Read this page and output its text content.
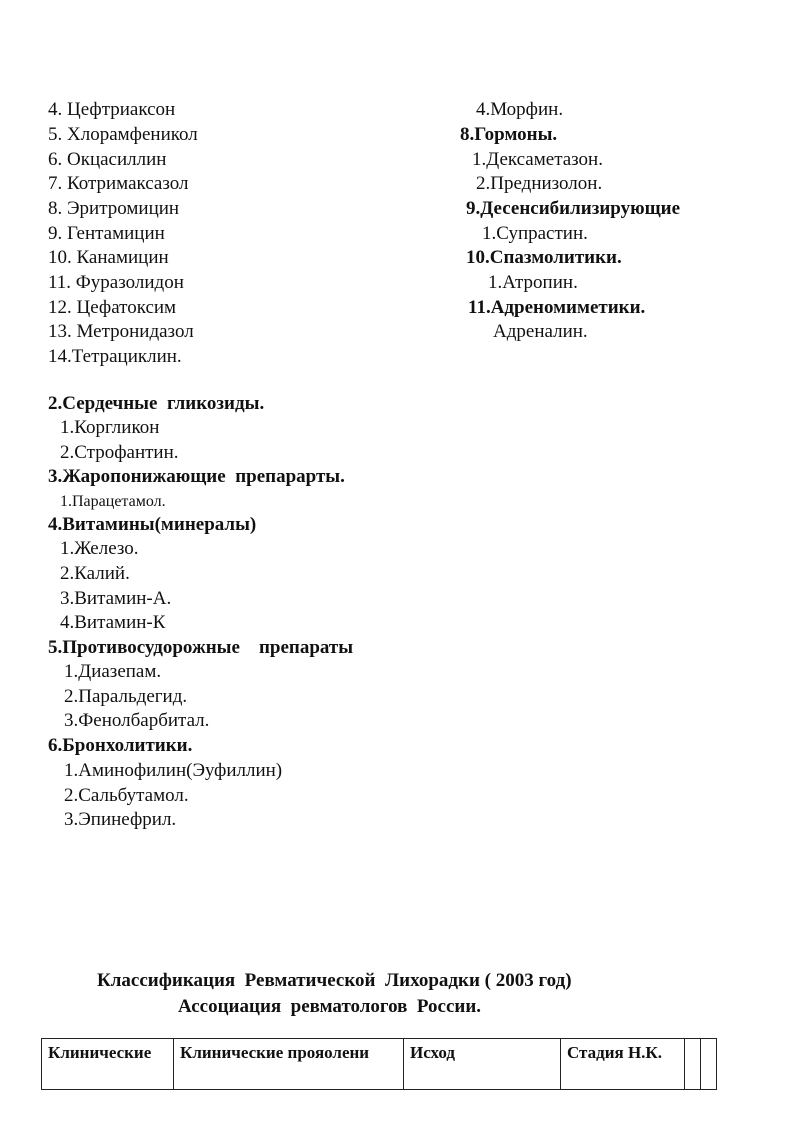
4. Цефтриаксон
5. Хлорамфеникол
6. Окцасиллин
7. Котримаксазол
8. Эритромицин
9. Гентамицин
10. Канамицин
11. Фуразолидон
12. Цефатоксим
13. Метронидазол
14.Тетрациклин.
4.Морфин.
8.Гормоны.
1.Дексаметазон.
2.Преднизолон.
9.Десенсибилизирующие
1.Супрастин.
10.Спазмолитики.
1.Атропин.
11.Адреномиметики.
Адреналин.
2.Сердечные  гликозиды.
1.Коргликон
2.Строфантин.
3.Жаропонижающие  препарарты.
1.Парацетамол.
4.Витамины(минералы)
1.Железо.
2.Калий.
3.Витамин-А.
4.Витамин-К
5.Противосудорожные    препараты
1.Диазепам.
2.Паральдегид.
3.Фенолбарбитал.
6.Бронхолитики.
1.Аминофилин(Эуфиллин)
2.Сальбутамол.
3.Эпинефрил.
Классификация  Ревматической  Лихорадки ( 2003 год)
Ассоциация  ревматологов  России.
Клинические	Клинические прояолени	Исход	Стадия Н.К.		
